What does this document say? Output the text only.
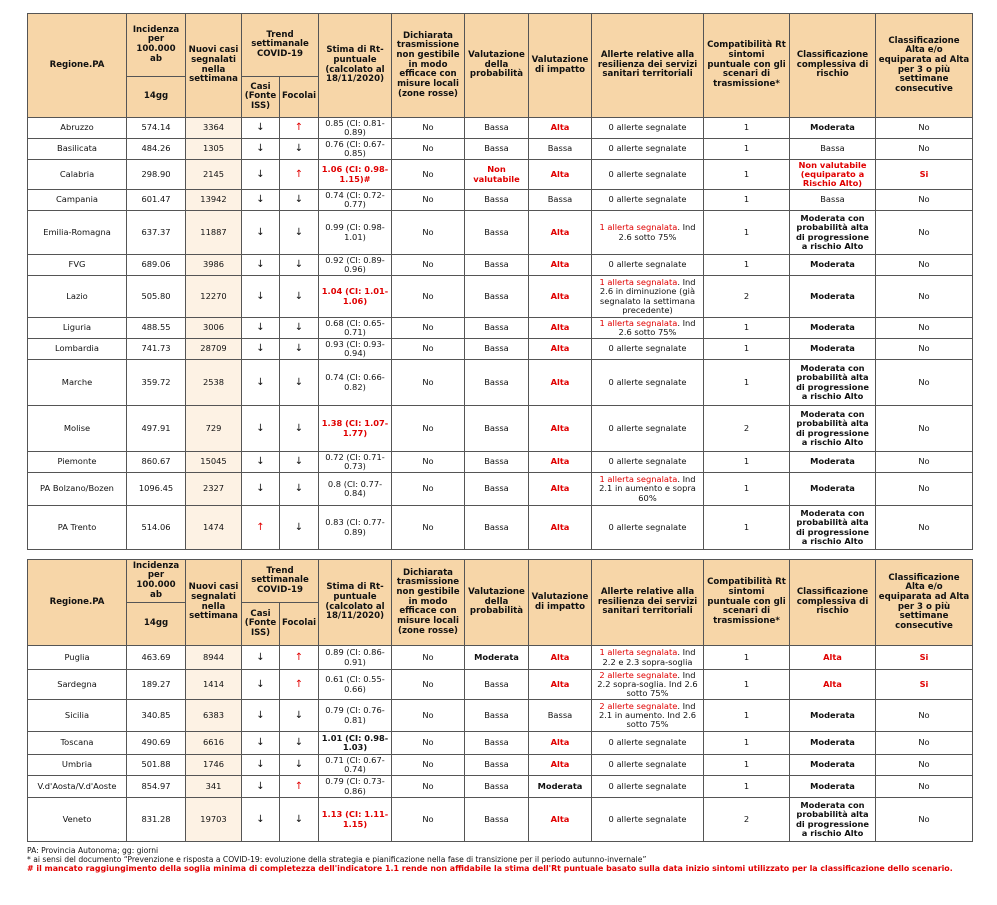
Regione.PA	Incidenza per 100.000 ab	Nuovi casi segnalati nella settimana	Trend settimanale COVID-19		Stima di Rt-puntuale (calcolato al 18/11/2020)	Dichiarata trasmissione non gestibile in modo efficace con misure locali (zone rosse)	Valutazione della probabilità	Valutazione di impatto	Allerte relative alla resilienza dei servizi sanitari territoriali	Compatibilità Rt sintomi puntuale con gli scenari di trasmissione*	Classificazione complessiva di rischio	Classificazione Alta e/o equiparata ad Alta per 3 o più settimane consecutive
	14gg		Casi (Fonte ISS)	Focolai								
Abruzzo	574.14	3364	↓	↑	0.85 (CI: 0.81-0.89)	No	Bassa	Alta	0 allerte segnalate	1	Moderata	No
Basilicata	484.26	1305	↓	↓	0.76 (CI: 0.67-0.85)	No	Bassa	Bassa	0 allerte segnalate	1	Bassa	No
Calabria	298.90	2145	↓	↑	1.06 (CI: 0.98-1.15)#	No	Non valutabile	Alta	0 allerte segnalate	1	Non valutabile (equiparato a Rischio Alto)	Si
Campania	601.47	13942	↓	↓	0.74 (CI: 0.72-0.77)	No	Bassa	Bassa	0 allerte segnalate	1	Bassa	No
Emilia-Romagna	637.37	11887	↓	↓	0.99 (CI: 0.98-1.01)	No	Bassa	Alta	1 allerta segnalata. Ind 2.6 sotto 75%	1	Moderata con probabilità alta di progressione a rischio Alto	No
FVG	689.06	3986	↓	↓	0.92 (CI: 0.89-0.96)	No	Bassa	Alta	0 allerte segnalate	1	Moderata	No
Lazio	505.80	12270	↓	↓	1.04 (CI: 1.01-1.06)	No	Bassa	Alta	1 allerta segnalata. Ind 2.6 in diminuzione (già segnalato la settimana precedente)	2	Moderata	No
Liguria	488.55	3006	↓	↓	0.68 (CI: 0.65-0.71)	No	Bassa	Alta	1 allerta segnalata. Ind 2.6 sotto 75%	1	Moderata	No
Lombardia	741.73	28709	↓	↓	0.93 (CI: 0.93-0.94)	No	Bassa	Alta	0 allerte segnalate	1	Moderata	No
Marche	359.72	2538	↓	↓	0.74 (CI: 0.66-0.82)	No	Bassa	Alta	0 allerte segnalate	1	Moderata con probabilità alta di progressione a rischio Alto	No
Molise	497.91	729	↓	↓	1.38 (CI: 1.07-1.77)	No	Bassa	Alta	0 allerte segnalate	2	Moderata con probabilità alta di progressione a rischio Alto	No
Piemonte	860.67	15045	↓	↓	0.72 (CI: 0.71-0.73)	No	Bassa	Alta	0 allerte segnalate	1	Moderata	No
PA Bolzano/Bozen	1096.45	2327	↓	↓	0.8 (CI: 0.77-0.84)	No	Bassa	Alta	1 allerta segnalata. Ind 2.1 in aumento e sopra 60%	1	Moderata	No
PA Trento	514.06	1474	↑	↓	0.83 (CI: 0.77-0.89)	No	Bassa	Alta	0 allerte segnalate	1	Moderata con probabilità alta di progressione a rischio Alto	No
Regione.PA	Incidenza per 100.000 ab	Nuovi casi segnalati nella settimana	Trend settimanale COVID-19		Stima di Rt-puntuale (calcolato al 18/11/2020)	Dichiarata trasmissione non gestibile in modo efficace con misure locali (zone rosse)	Valutazione della probabilità	Valutazione di impatto	Allerte relative alla resilienza dei servizi sanitari territoriali	Compatibilità Rt sintomi puntuale con gli scenari di trasmissione*	Classificazione complessiva di rischio	Classificazione Alta e/o equiparata ad Alta per 3 o più settimane consecutive
	14gg		Casi (Fonte ISS)	Focolai								
Puglia	463.69	8944	↓	↑	0.89 (CI: 0.86-0.91)	No	Moderata	Alta	1 allerta segnalata. Ind 2.2 e 2.3 sopra-soglia	1	Alta	Si
Sardegna	189.27	1414	↓	↑	0.61 (CI: 0.55-0.66)	No	Bassa	Alta	2 allerte segnalate. Ind 2.2 sopra-soglia. Ind 2.6 sotto 75%	1	Alta	Si
Sicilia	340.85	6383	↓	↓	0.79 (CI: 0.76-0.81)	No	Bassa	Bassa	2 allerte segnalate. Ind 2.1 in aumento. Ind 2.6 sotto 75%	1	Moderata	No
Toscana	490.69	6616	↓	↓	1.01 (CI: 0.98-1.03)	No	Bassa	Alta	0 allerte segnalate	1	Moderata	No
Umbria	501.88	1746	↓	↓	0.71 (CI: 0.67-0.74)	No	Bassa	Alta	0 allerte segnalate	1	Moderata	No
V.d'Aosta/V.d'Aoste	854.97	341	↓	↑	0.79 (CI: 0.73-0.86)	No	Bassa	Moderata	0 allerte segnalate	1	Moderata	No
Veneto	831.28	19703	↓	↓	1.13 (CI: 1.11-1.15)	No	Bassa	Alta	0 allerte segnalate	2	Moderata con probabilità alta di progressione a rischio Alto	No
PA: Provincia Autonoma; gg: giorni
* ai sensi del documento “Prevenzione e risposta a COVID-19: evoluzione della strategia e pianificazione nella fase di transizione per il periodo autunno-invernale”
# il mancato raggiungimento della soglia minima di completezza dell'indicatore 1.1 rende non affidabile la stima dell'Rt puntuale basato sulla data inizio sintomi utilizzato per la classificazione dello scenario.
